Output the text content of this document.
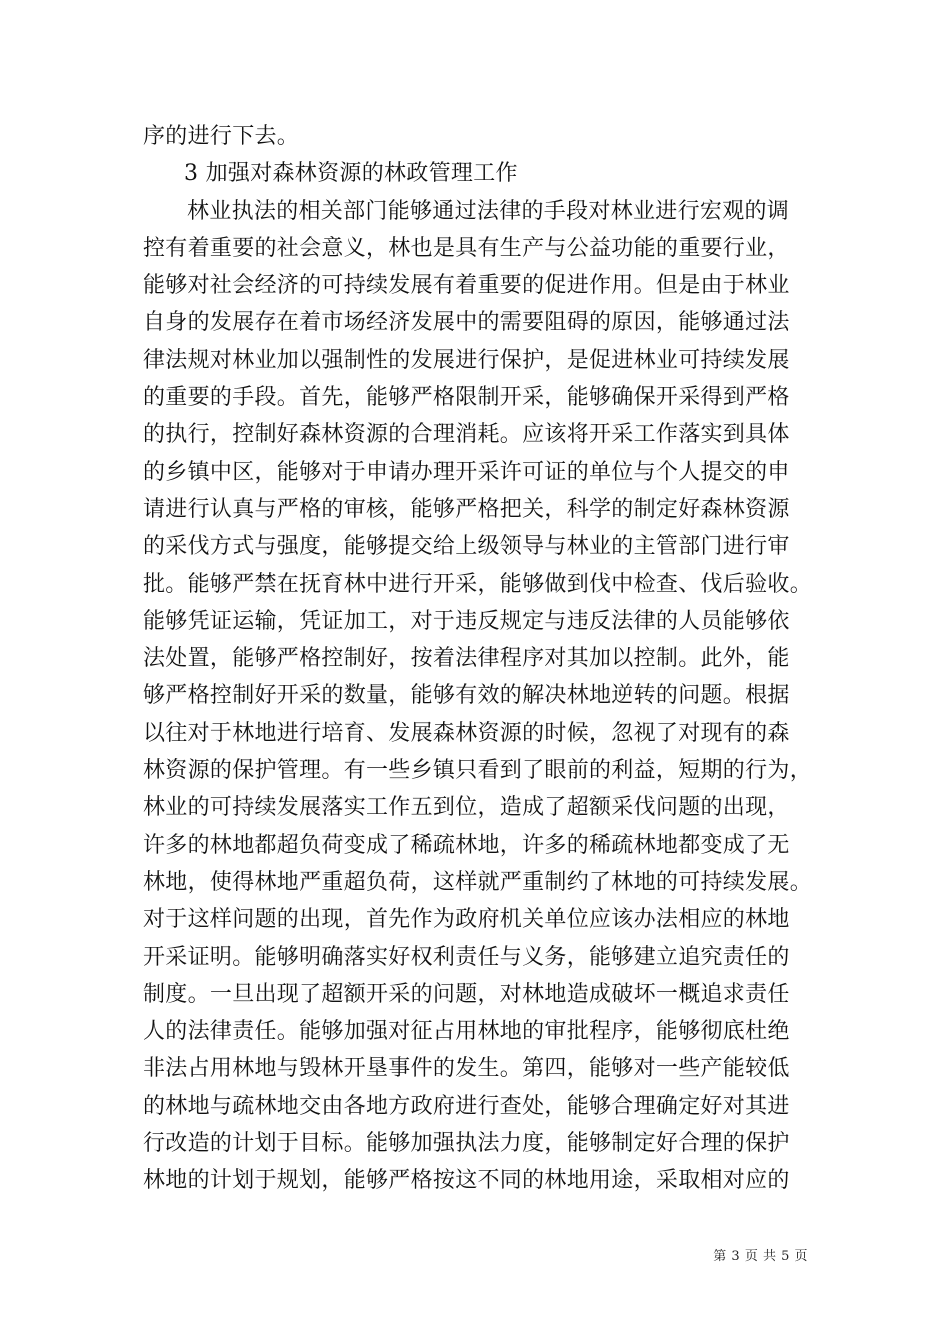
序的进行下去。
3 加强对森林资源的林政管理工作
林业执法的相关部门能够通过法律的手段对林业进行宏观的调
控有着重要的社会意义，林也是具有生产与公益功能的重要行业，
能够对社会经济的可持续发展有着重要的促进作用。但是由于林业
自身的发展存在着市场经济发展中的需要阻碍的原因，能够通过法
律法规对林业加以强制性的发展进行保护，是促进林业可持续发展
的重要的手段。首先，能够严格限制开采，能够确保开采得到严格
的执行，控制好森林资源的合理消耗。应该将开采工作落实到具体
的乡镇中区，能够对于申请办理开采许可证的单位与个人提交的申
请进行认真与严格的审核，能够严格把关，科学的制定好森林资源
的采伐方式与强度，能够提交给上级领导与林业的主管部门进行审
批。能够严禁在抚育林中进行开采，能够做到伐中检查、伐后验收。
能够凭证运输，凭证加工，对于违反规定与违反法律的人员能够依
法处置，能够严格控制好，按着法律程序对其加以控制。此外，能
够严格控制好开采的数量，能够有效的解决林地逆转的问题。根据
以往对于林地进行培育、发展森林资源的时候，忽视了对现有的森
林资源的保护管理。有一些乡镇只看到了眼前的利益，短期的行为，
林业的可持续发展落实工作五到位，造成了超额采伐问题的出现，
许多的林地都超负荷变成了稀疏林地，许多的稀疏林地都变成了无
林地，使得林地严重超负荷，这样就严重制约了林地的可持续发展。
对于这样问题的出现，首先作为政府机关单位应该办法相应的林地
开采证明。能够明确落实好权利责任与义务，能够建立追究责任的
制度。一旦出现了超额开采的问题，对林地造成破坏一概追求责任
人的法律责任。能够加强对征占用林地的审批程序，能够彻底杜绝
非法占用林地与毁林开垦事件的发生。第四，能够对一些产能较低
的林地与疏林地交由各地方政府进行查处，能够合理确定好对其进
行改造的计划于目标。能够加强执法力度，能够制定好合理的保护
林地的计划于规划，能够严格按这不同的林地用途，采取相对应的
第 3 页 共 5 页
